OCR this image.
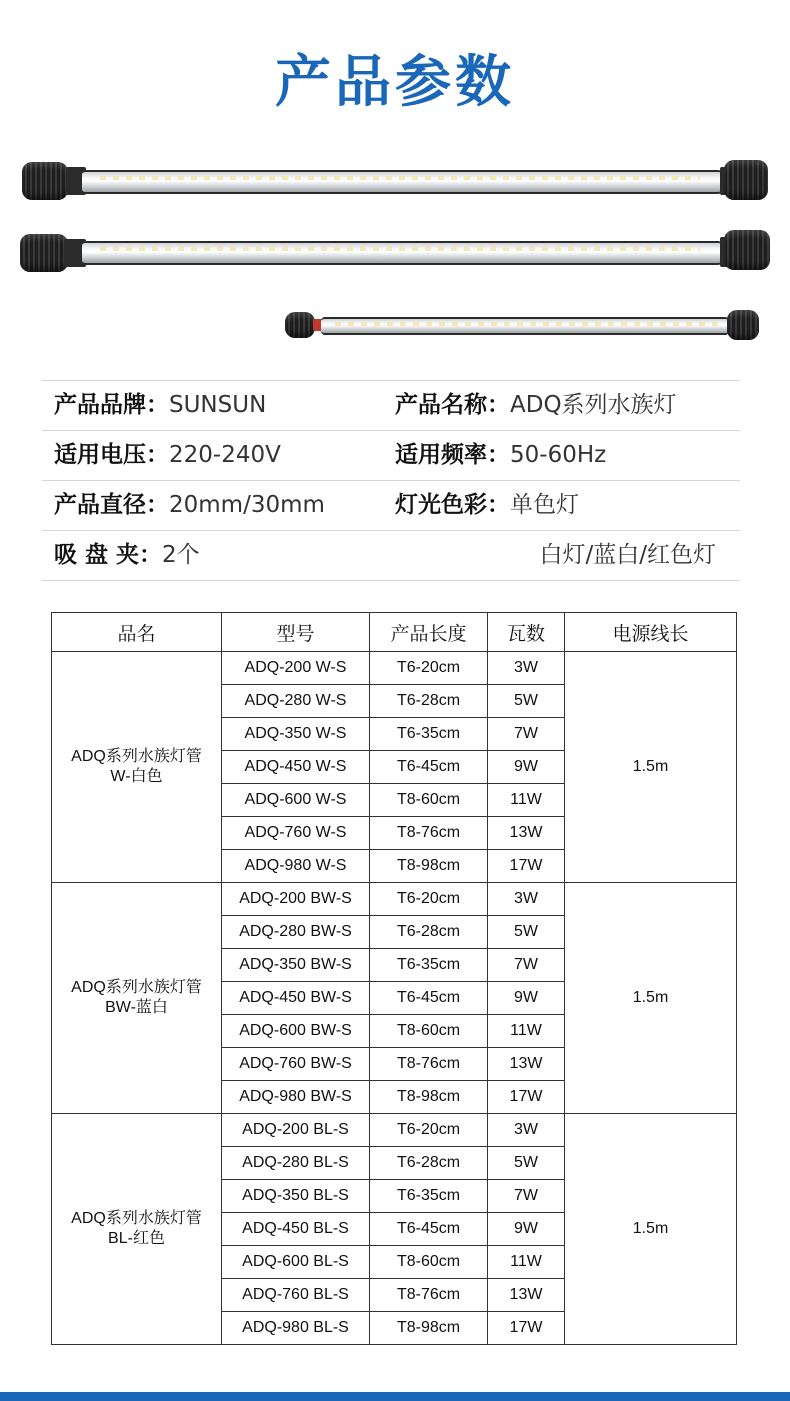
产品参数
产品品牌：SUNSUN	产品名称：ADQ系列水族灯
适用电压：220-240V	适用频率：50-60Hz
产品直径：20mm/30mm	灯光色彩：单色灯
吸 盘 夹：2个	白灯/蓝白/红色灯
品名	型号	产品长度	瓦数	电源线长

ADQ系列水族灯管
W-白色	ADQ-200 W-S	T6-20cm	3W	1.5m
	ADQ-280 W-S	T6-28cm	5W	
	ADQ-350 W-S	T6-35cm	7W	
	ADQ-450 W-S	T6-45cm	9W	
	ADQ-600 W-S	T8-60cm	11W	
	ADQ-760 W-S	T8-76cm	13W	
	ADQ-980 W-S	T8-98cm	17W	

ADQ系列水族灯管
BW-蓝白	ADQ-200 BW-S	T6-20cm	3W	1.5m
	ADQ-280 BW-S	T6-28cm	5W	
	ADQ-350 BW-S	T6-35cm	7W	
	ADQ-450 BW-S	T6-45cm	9W	
	ADQ-600 BW-S	T8-60cm	11W	
	ADQ-760 BW-S	T8-76cm	13W	
	ADQ-980 BW-S	T8-98cm	17W	

ADQ系列水族灯管
BL-红色	ADQ-200 BL-S	T6-20cm	3W	1.5m
	ADQ-280 BL-S	T6-28cm	5W	
	ADQ-350 BL-S	T6-35cm	7W	
	ADQ-450 BL-S	T6-45cm	9W	
	ADQ-600 BL-S	T8-60cm	11W	
	ADQ-760 BL-S	T8-76cm	13W	
	ADQ-980 BL-S	T8-98cm	17W	
